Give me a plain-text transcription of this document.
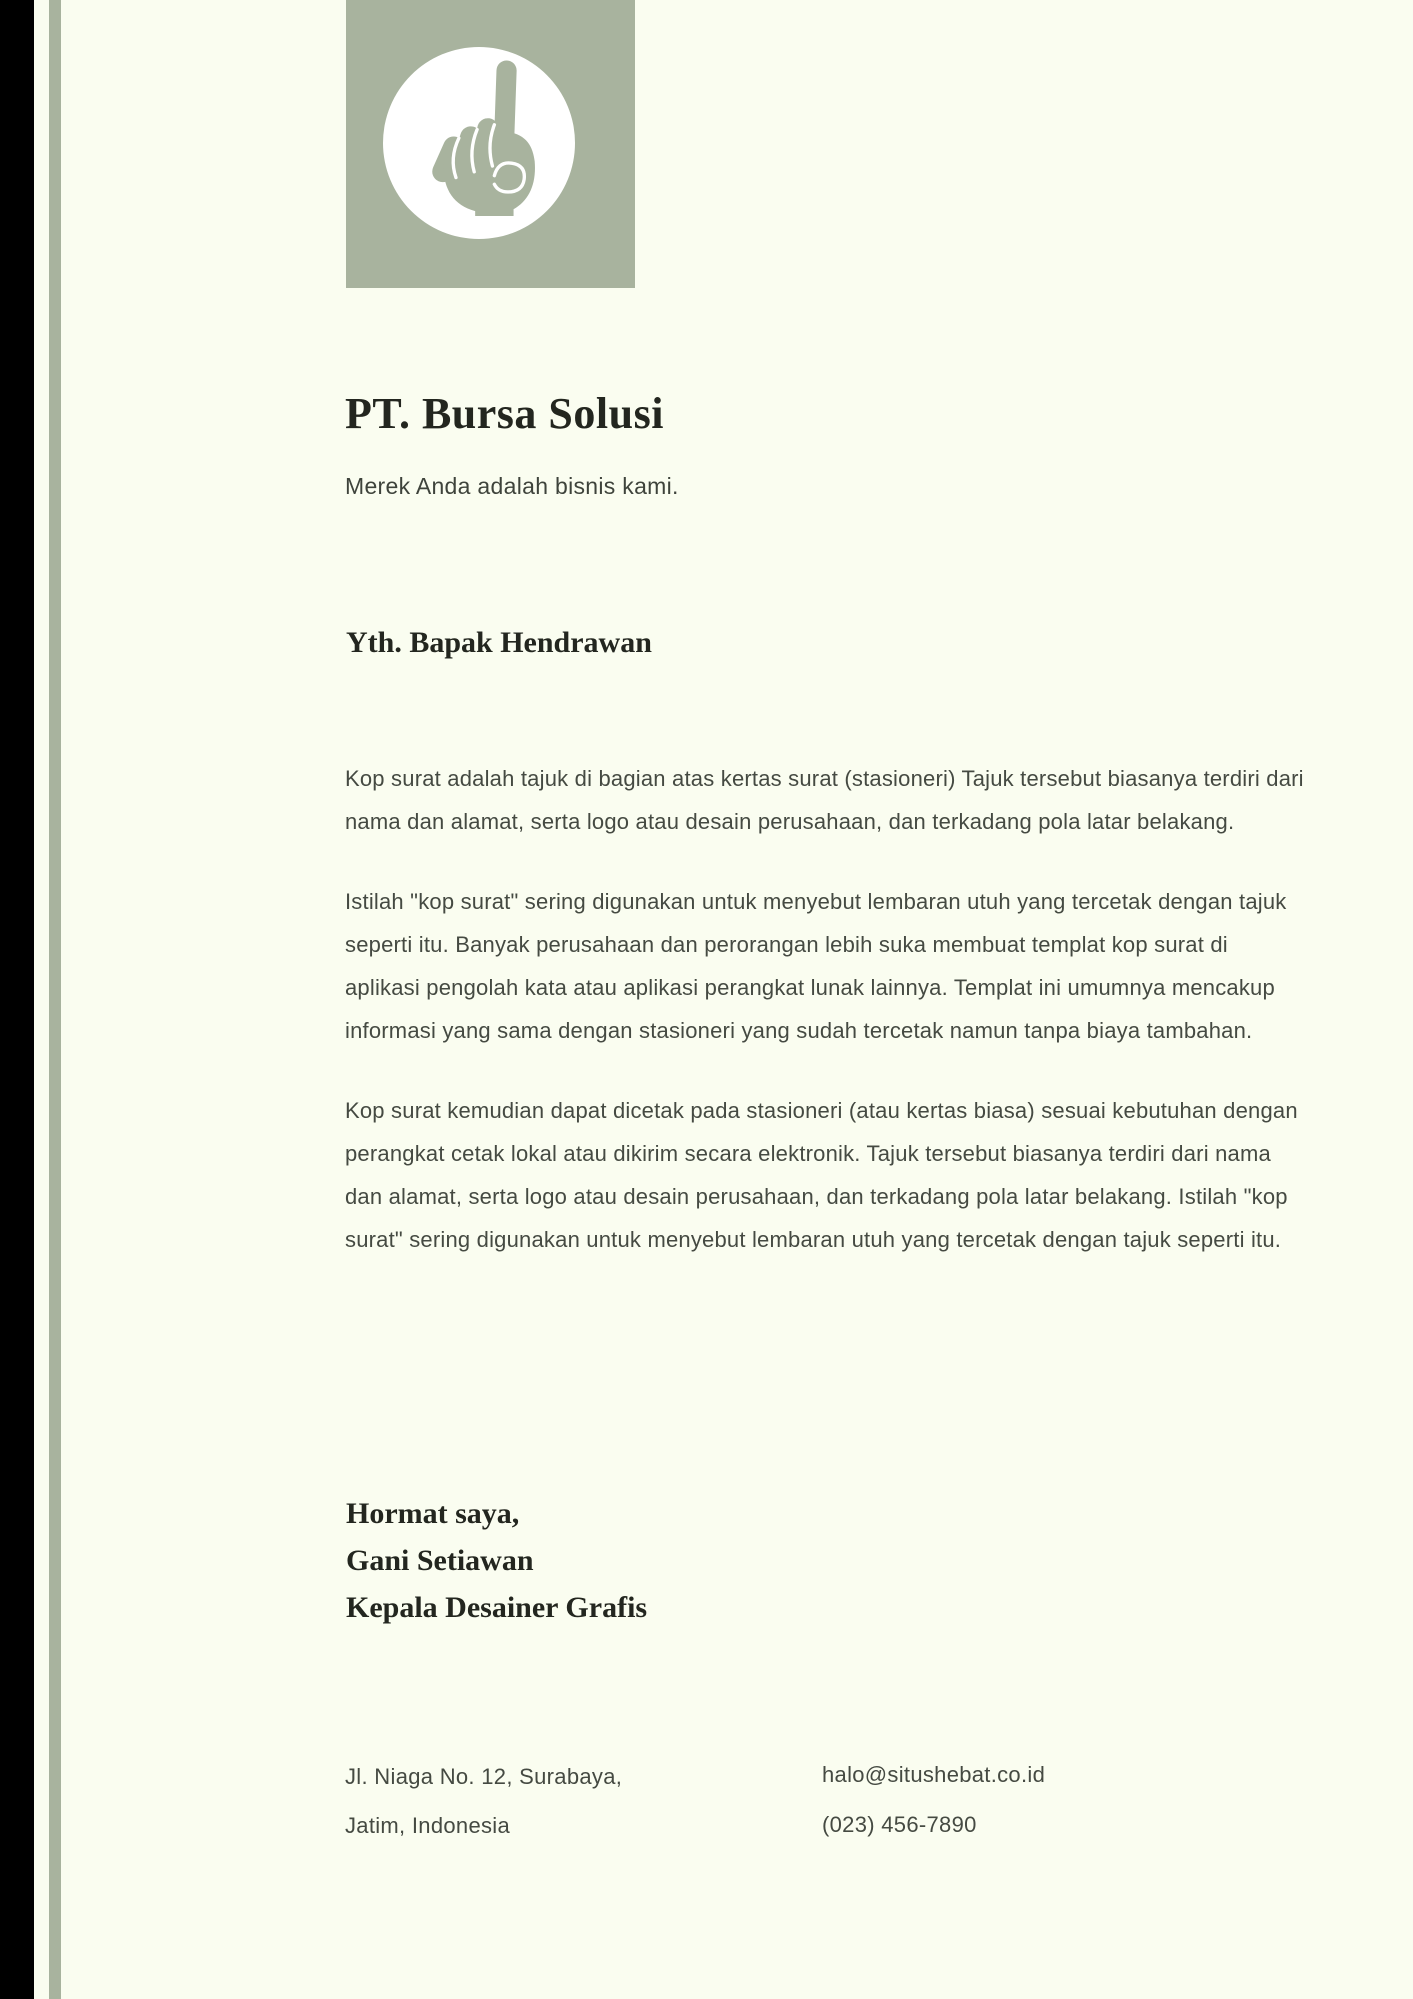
PT. Bursa Solusi
Merek Anda adalah bisnis kami.
Yth. Bapak Hendrawan

Kop surat adalah tajuk di bagian atas kertas surat (stasioneri) Tajuk tersebut biasanya terdiri dari nama dan alamat, serta logo atau desain perusahaan, dan terkadang pola latar belakang.

Istilah "kop surat" sering digunakan untuk menyebut lembaran utuh yang tercetak dengan tajuk seperti itu. Banyak perusahaan dan perorangan lebih suka membuat templat kop surat di aplikasi pengolah kata atau aplikasi perangkat lunak lainnya. Templat ini umumnya mencakup informasi yang sama dengan stasioneri yang sudah tercetak namun tanpa biaya tambahan.

Kop surat kemudian dapat dicetak pada stasioneri (atau kertas biasa) sesuai kebutuhan dengan perangkat cetak lokal atau dikirim secara elektronik. Tajuk tersebut biasanya terdiri dari nama dan alamat, serta logo atau desain perusahaan, dan terkadang pola latar belakang. Istilah "kop surat" sering digunakan untuk menyebut lembaran utuh yang tercetak dengan tajuk seperti itu.

Hormat saya,
Gani Setiawan
Kepala Desainer Grafis
Jl. Niaga No. 12, Surabaya,
Jatim, Indonesia
halo@situshebat.co.id
(023) 456-7890
